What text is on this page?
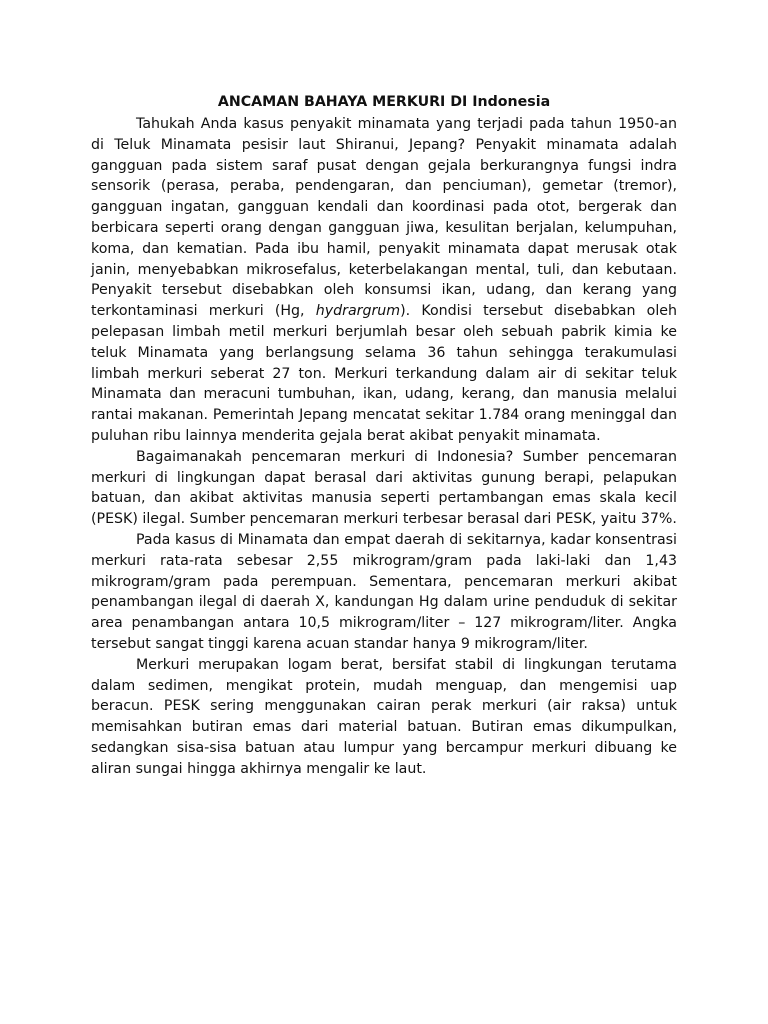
ANCAMAN BAHAYA MERKURI DI Indonesia

Tahukah Anda kasus penyakit minamata yang terjadi pada tahun 1950-an di Teluk Minamata pesisir laut Shiranui, Jepang? Penyakit minamata adalah gangguan pada sistem saraf pusat dengan gejala berkurangnya fungsi indra sensorik (perasa, peraba, pendengaran, dan penciuman), gemetar (tremor), gangguan ingatan, gangguan kendali dan koordinasi pada otot, bergerak dan berbicara seperti orang dengan gangguan jiwa, kesulitan berjalan, kelumpuhan, koma, dan kematian. Pada ibu hamil, penyakit minamata dapat merusak otak janin, menyebabkan mikrosefalus, keterbelakangan mental, tuli, dan kebutaan. Penyakit tersebut disebabkan oleh konsumsi ikan, udang, dan kerang yang terkontaminasi merkuri (Hg, hydrargrum). Kondisi tersebut disebabkan oleh pelepasan limbah metil merkuri berjumlah besar oleh sebuah pabrik kimia ke teluk Minamata yang berlangsung selama 36 tahun sehingga terakumulasi limbah merkuri seberat 27 ton. Merkuri terkandung dalam air di sekitar teluk Minamata dan meracuni tumbuhan, ikan, udang, kerang, dan manusia melalui rantai makanan. Pemerintah Jepang mencatat sekitar 1.784 orang meninggal dan puluhan ribu lainnya menderita gejala berat akibat penyakit minamata.

Bagaimanakah pencemaran merkuri di Indonesia? Sumber pencemaran merkuri di lingkungan dapat berasal dari aktivitas gunung berapi, pelapukan batuan, dan akibat aktivitas manusia seperti pertambangan emas skala kecil (PESK) ilegal. Sumber pencemaran merkuri terbesar berasal dari PESK, yaitu 37%.

Pada kasus di Minamata dan empat daerah di sekitarnya, kadar konsentrasi merkuri rata-rata sebesar 2,55 mikrogram/gram pada laki-laki dan 1,43 mikrogram/gram pada perempuan. Sementara, pencemaran merkuri akibat penambangan ilegal di daerah X, kandungan Hg dalam urine penduduk di sekitar area penambangan antara 10,5 mikrogram/liter – 127 mikrogram/liter. Angka tersebut sangat tinggi karena acuan standar hanya 9 mikrogram/liter.

Merkuri merupakan logam berat, bersifat stabil di lingkungan terutama dalam sedimen, mengikat protein, mudah menguap, dan mengemisi uap beracun. PESK sering menggunakan cairan perak merkuri (air raksa) untuk memisahkan butiran emas dari material batuan. Butiran emas dikumpulkan, sedangkan sisa-sisa batuan atau lumpur yang bercampur merkuri dibuang ke aliran sungai hingga akhirnya mengalir ke laut.
